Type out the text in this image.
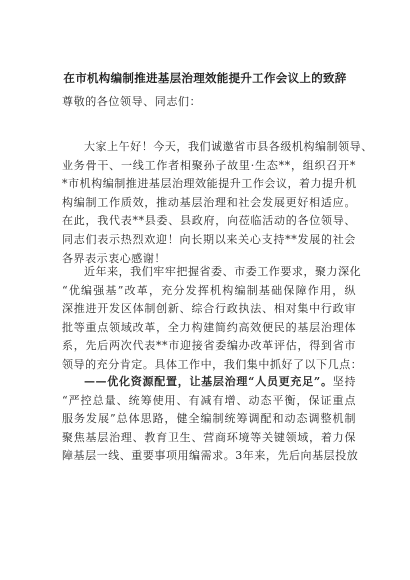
在市机构编制推进基层治理效能提升工作会议上的致辞
尊敬的各位领导、同志们：
大家上午好！今天，我们诚邀省市县各级机构编制领导、
业务骨干、一线工作者相聚孙子故里·生态**，组织召开*
*市机构编制推进基层治理效能提升工作会议，着力提升机
构编制工作质效，推动基层治理和社会发展更好相适应。
在此，我代表**县委、县政府，向莅临活动的各位领导、
同志们表示热烈欢迎！向长期以来关心支持**发展的社会
各界表示衷心感谢！
近年来，我们牢牢把握省委、市委工作要求，聚力深化
“优编强基”改革，充分发挥机构编制基础保障作用，纵
深推进开发区体制创新、综合行政执法、相对集中行政审
批等重点领域改革，全力构建简约高效便民的基层治理体
系，先后两次代表**市迎接省委编办改革评估，得到省市
领导的充分肯定。具体工作中，我们集中抓好了以下几点：
——优化资源配置，让基层治理“人员更充足”。坚持
“严控总量、统筹使用、有减有增、动态平衡，保证重点
服务发展”总体思路，健全编制统筹调配和动态调整机制
聚焦基层治理、教育卫生、营商环境等关键领域，着力保
障基层一线、重要事项用编需求。3年来，先后向基层投放
